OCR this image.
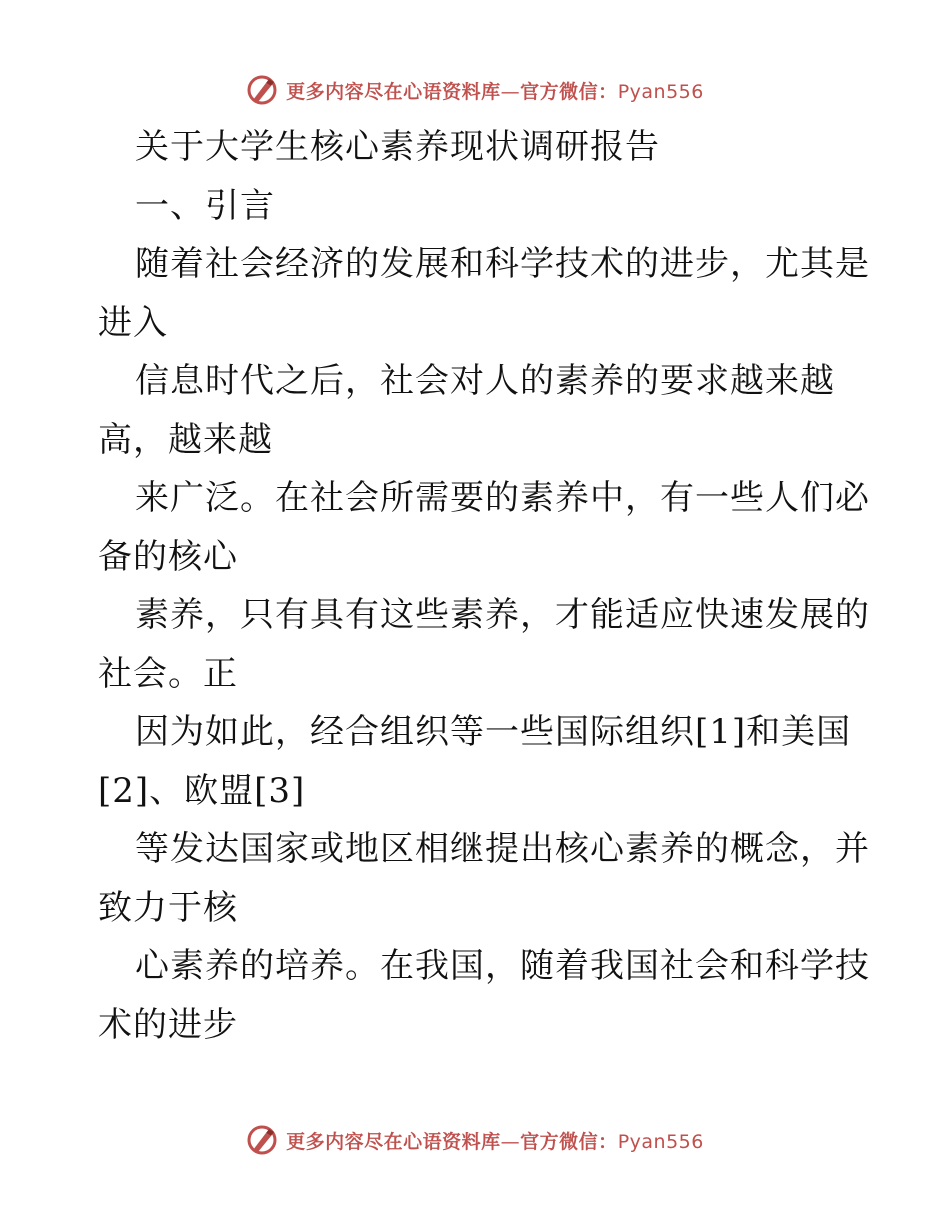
更多内容尽在心语资料库—官方微信：Pyan556
关于大学生核心素养现状调研报告
一、引言
随着社会经济的发展和科学技术的进步，尤其是
进入
信息时代之后，社会对人的素养的要求越来越
高，越来越
来广泛。在社会所需要的素养中，有一些人们必
备的核心
素养，只有具有这些素养，才能适应快速发展的
社会。正
因为如此，经合组织等一些国际组织[1]和美国
[2]、欧盟[3]
等发达国家或地区相继提出核心素养的概念，并
致力于核
心素养的培养。在我国，随着我国社会和科学技
术的进步
更多内容尽在心语资料库—官方微信：Pyan556
